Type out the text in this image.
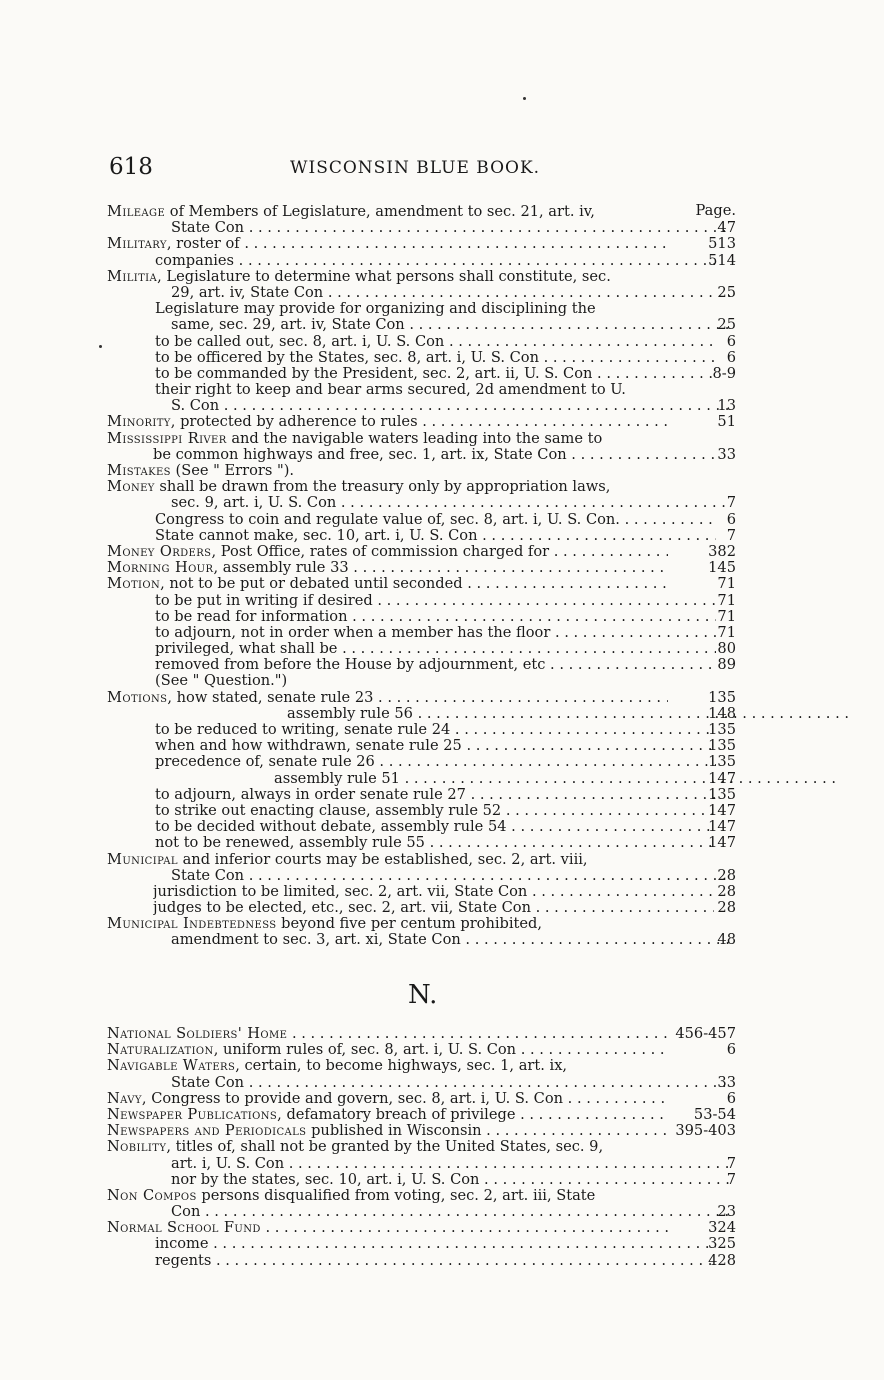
618	WISCONSIN BLUE BOOK.
Page.
Mileage of Members of Legislature, amendment to sec. 21, art. iv,
State Con . . .	47
Military, roster of . . .	513
companies . . .	514
Militia, Legislature to determine what persons shall constitute, sec.
29, art. iv, State Con . . .	25
Legislature may provide for organizing and disciplining the
same, sec. 29, art. iv, State Con . . .	25
to be called out, sec. 8, art. i, U. S. Con . . .	6
to be officered by the States, sec. 8, art. i, U. S. Con . . .	6
to be commanded by the President, sec. 2, art. ii, U. S. Con . . .	8-9
their right to keep and bear arms secured, 2d amendment to U.
S. Con . . .	13
Minority, protected by adherence to rules . . .	51
Mississippi River and the navigable waters leading into the same to
be common highways and free, sec. 1, art. ix, State Con . . .	33
Mistakes (See " Errors ").
Money shall be drawn from the treasury only by appropriation laws,
sec. 9, art. i, U. S. Con . . .	7
Congress to coin and regulate value of, sec. 8, art. i, U. S. Con. . . .	6
State cannot make, sec. 10, art. i, U. S. Con . . .	7
Money Orders, Post Office, rates of commission charged for . . .	382
Morning Hour, assembly rule 33 . . .	145
Motion, not to be put or debated until seconded . . .	71
to be put in writing if desired . . .	71
to be read for information . . .	71
to adjourn, not in order when a member has the floor . . .	71
privileged, what shall be . . .	80
removed from before the House by adjournment, etc . . .	89
(See " Question.")
Motions, how stated, senate rule 23 . . .	135
assembly rule 56 . . .	148
to be reduced to writing, senate rule 24 . . .	135
when and how withdrawn, senate rule 25 . . .	135
precedence of, senate rule 26 . . .	135
assembly rule 51 . . .	147
to adjourn, always in order senate rule 27 . . .	135
to strike out enacting clause, assembly rule 52 . . .	147
to be decided without debate, assembly rule 54 . . .	147
not to be renewed, assembly rule 55 . . .	147
Municipal and inferior courts may be established, sec. 2, art. viii,
State Con . . .	28
jurisdiction to be limited, sec. 2, art. vii, State Con . . .	28
judges to be elected, etc., sec. 2, art. vii, State Con . . .	28
Municipal Indebtedness beyond five per centum prohibited,
amendment to sec. 3, art. xi, State Con . . .	48
N.
National Soldiers' Home . . .	456-457
Naturalization, uniform rules of, sec. 8, art. i, U. S. Con . . .	6
Navigable Waters, certain, to become highways, sec. 1, art. ix,
State Con . . .	33
Navy, Congress to provide and govern, sec. 8, art. i, U. S. Con . . .	6
Newspaper Publications, defamatory breach of privilege . . .	53-54
Newspapers and Periodicals published in Wisconsin . . .	395-403
Nobility, titles of, shall not be granted by the United States, sec. 9,
art. i, U. S. Con . . .	7
nor by the states, sec. 10, art. i, U. S. Con . . .	7
Non Compos persons disqualified from voting, sec. 2, art. iii, State
Con . . .	23
Normal School Fund . . .	324
income . . .	325
regents . . .	428
